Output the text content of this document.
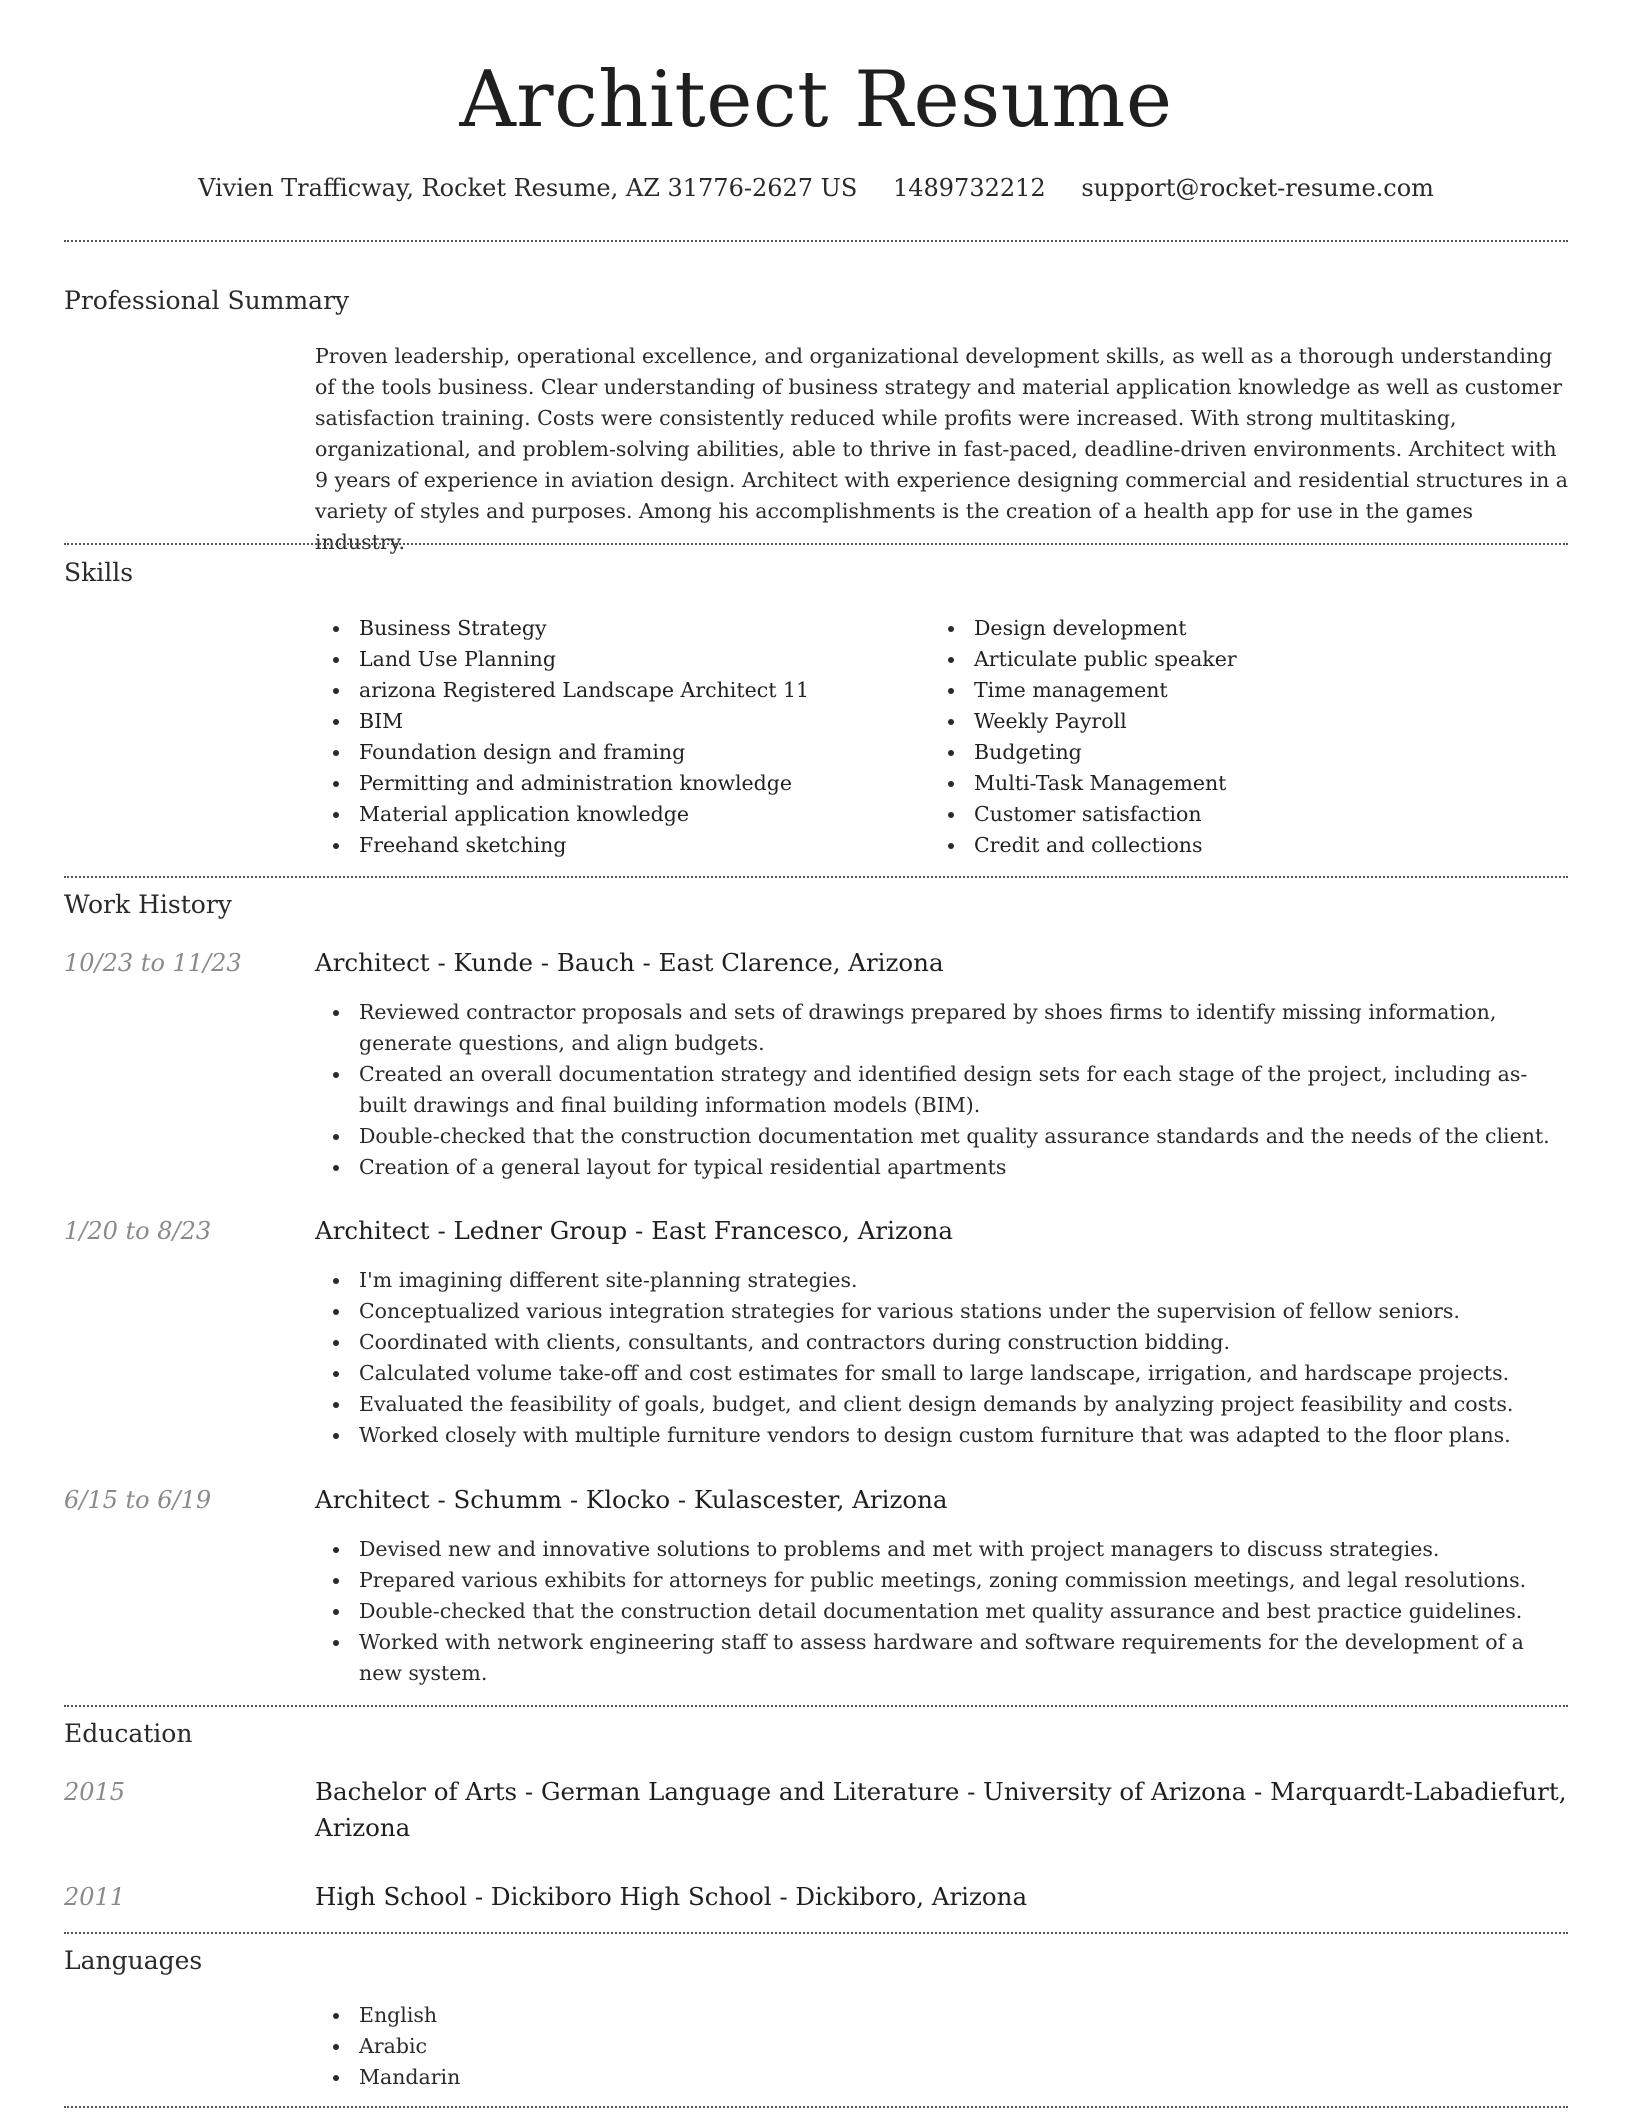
Architect Resume
Vivien Trafficway, Rocket Resume, AZ 31776-2627 US 1489732212 support@rocket-resume.com
Professional Summary

Proven leadership, operational excellence, and organizational development skills, as well as a thorough understanding of the tools business. Clear understanding of business strategy and material application knowledge as well as customer satisfaction training. Costs were consistently reduced while profits were increased. With strong multitasking, organizational, and problem-solving abilities, able to thrive in fast-paced, deadline-driven environments. Architect with 9 years of experience in aviation design. Architect with experience designing commercial and residential structures in a variety of styles and purposes. Among his accomplishments is the creation of a health app for use in the games industry.

Skills
Business Strategy
Land Use Planning
arizona Registered Landscape Architect 11
BIM
Foundation design and framing
Permitting and administration knowledge
Material application knowledge
Freehand sketching
Design development
Articulate public speaker
Time management
Weekly Payroll
Budgeting
Multi-Task Management
Customer satisfaction
Credit and collections
Work History
10/23 to 11/23	Architect - Kunde - Bauch - East Clarence, Arizona
Reviewed contractor proposals and sets of drawings prepared by shoes firms to identify missing information, generate questions, and align budgets.
Created an overall documentation strategy and identified design sets for each stage of the project, including as-built drawings and final building information models (BIM).
Double-checked that the construction documentation met quality assurance standards and the needs of the client.
Creation of a general layout for typical residential apartments
1/20 to 8/23	Architect - Ledner Group - East Francesco, Arizona
I'm imagining different site-planning strategies.
Conceptualized various integration strategies for various stations under the supervision of fellow seniors.
Coordinated with clients, consultants, and contractors during construction bidding.
Calculated volume take-off and cost estimates for small to large landscape, irrigation, and hardscape projects.
Evaluated the feasibility of goals, budget, and client design demands by analyzing project feasibility and costs.
Worked closely with multiple furniture vendors to design custom furniture that was adapted to the floor plans.
6/15 to 6/19	Architect - Schumm - Klocko - Kulascester, Arizona
Devised new and innovative solutions to problems and met with project managers to discuss strategies.
Prepared various exhibits for attorneys for public meetings, zoning commission meetings, and legal resolutions.
Double-checked that the construction detail documentation met quality assurance and best practice guidelines.
Worked with network engineering staff to assess hardware and software requirements for the development of a new system.
Education
2015	Bachelor of Arts - German Language and Literature - University of Arizona - Marquardt-Labadiefurt, Arizona
2011	High School - Dickiboro High School - Dickiboro, Arizona
Languages
English
Arabic
Mandarin
